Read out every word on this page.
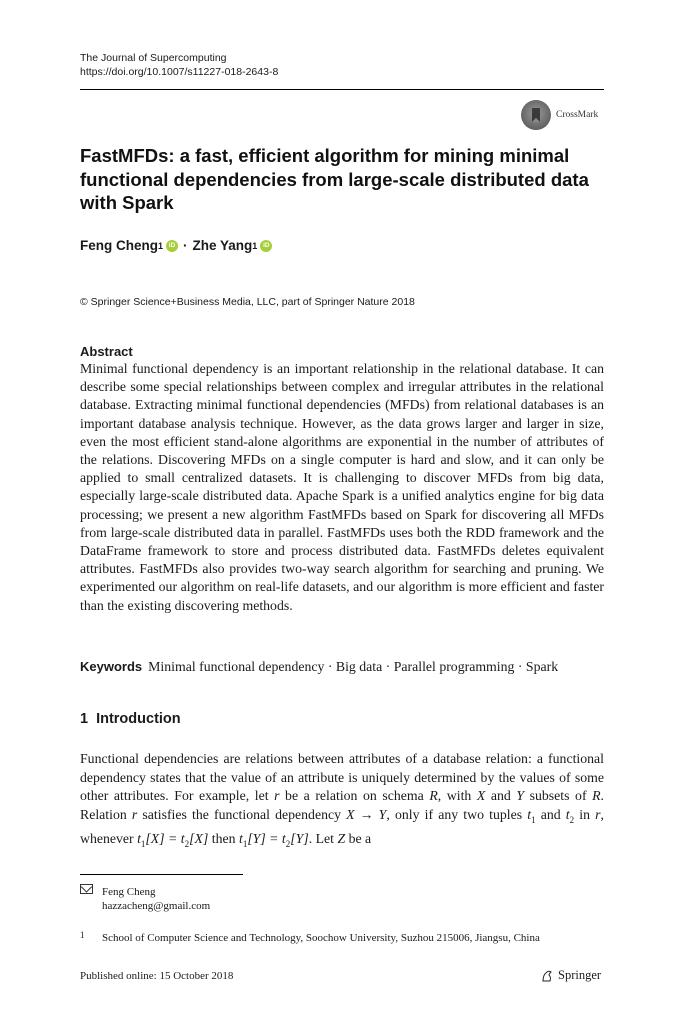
The Journal of Supercomputing
https://doi.org/10.1007/s11227-018-2643-8
CrossMark
FastMFDs: a fast, efficient algorithm for mining minimal functional dependencies from large-scale distributed data with Spark
Feng Cheng 1 iD · Zhe Yang 1 iD
© Springer Science+Business Media, LLC, part of Springer Nature 2018
Abstract
Minimal functional dependency is an important relationship in the relational database. It can describe some special relationships between complex and irregular attributes in the relational database. Extracting minimal functional dependencies (MFDs) from relational databases is an important database analysis technique. However, as the data grows larger and larger in size, even the most efficient stand-alone algorithms are exponential in the number of attributes of the relations. Discovering MFDs on a single computer is hard and slow, and it can only be applied to small centralized datasets. It is challenging to discover MFDs from big data, especially large-scale distributed data. Apache Spark is a unified analytics engine for big data processing; we present a new algorithm FastMFDs based on Spark for discovering all MFDs from large-scale distributed data in parallel. FastMFDs uses both the RDD framework and the DataFrame framework to store and process distributed data. FastMFDs deletes equivalent attributes. FastMFDs also provides two-way search algorithm for searching and pruning. We experimented our algorithm on real-life datasets, and our algorithm is more efficient and faster than the existing discovering methods.
Keywords Minimal functional dependency · Big data · Parallel programming · Spark
1 Introduction
Functional dependencies are relations between attributes of a database relation: a functional dependency states that the value of an attribute is uniquely determined by the values of some other attributes. For example, let r be a relation on schema R, with X and Y subsets of R. Relation r satisfies the functional dependency X → Y, only if any two tuples $t_1$ and $t_2$ in r, whenever $t_1[X] = t_2[X]$ then $t_1[Y] = t_2[Y]$. Let Z be a
Feng Cheng
hazzacheng@gmail.com
1 School of Computer Science and Technology, Soochow University, Suzhou 215006, Jiangsu, China
Published online: 15 October 2018	Springer
